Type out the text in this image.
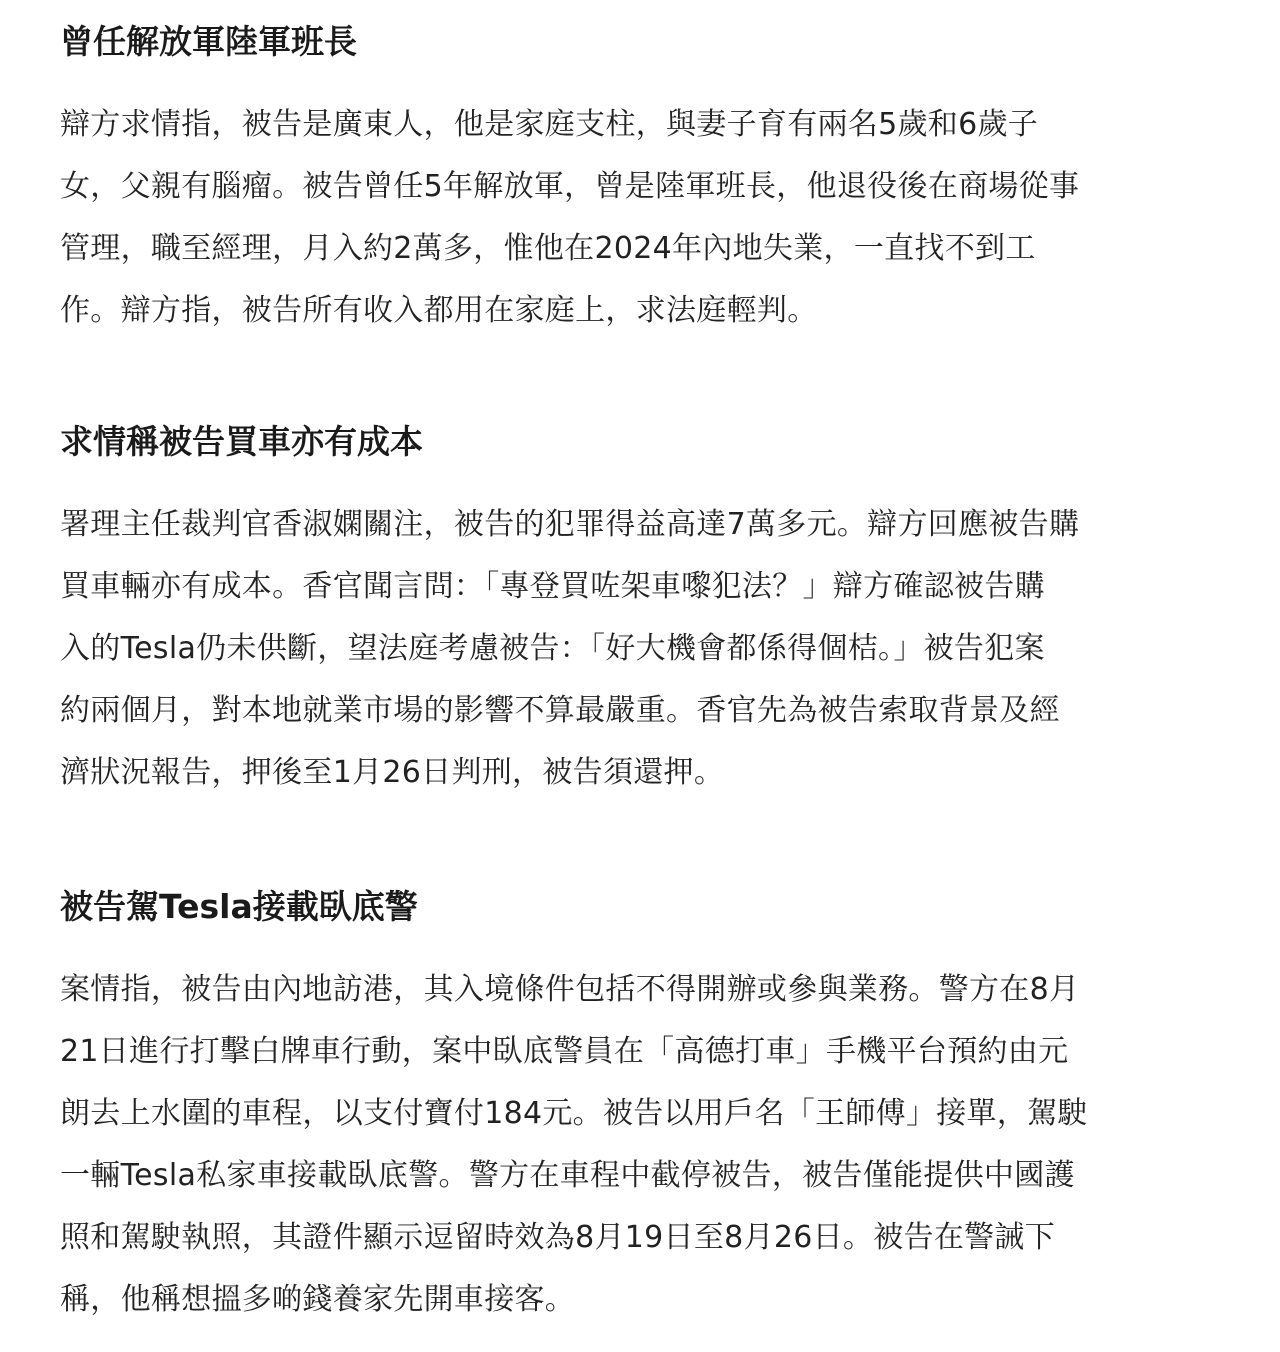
曾任解放軍陸軍班長
辯方求情指，被告是廣東人，他是家庭支柱，與妻子育有兩名5歲和6歲子
女，父親有腦瘤。被告曾任5年解放軍，曾是陸軍班長，他退役後在商場從事
管理，職至經理，月入約2萬多，惟他在2024年內地失業，一直找不到工
作。辯方指，被告所有收入都用在家庭上，求法庭輕判。
求情稱被告買車亦有成本
署理主任裁判官香淑嫻關注，被告的犯罪得益高達7萬多元。辯方回應被告購
買車輛亦有成本。香官聞言問：「專登買咗架車嚟犯法？」辯方確認被告購
入的Tesla仍未供斷，望法庭考慮被告：「好大機會都係得個桔。」被告犯案
約兩個月，對本地就業市場的影響不算最嚴重。香官先為被告索取背景及經
濟狀況報告，押後至1月26日判刑，被告須還押。
被告駕Tesla接載臥底警
案情指，被告由內地訪港，其入境條件包括不得開辦或參與業務。警方在8月
21日進行打擊白牌車行動，案中臥底警員在「高德打車」手機平台預約由元
朗去上水圍的車程，以支付寶付184元。被告以用戶名「王師傅」接單，駕駛
一輛Tesla私家車接載臥底警。警方在車程中截停被告，被告僅能提供中國護
照和駕駛執照，其證件顯示逗留時效為8月19日至8月26日。被告在警誡下
稱，他稱想搵多啲錢養家先開車接客。
